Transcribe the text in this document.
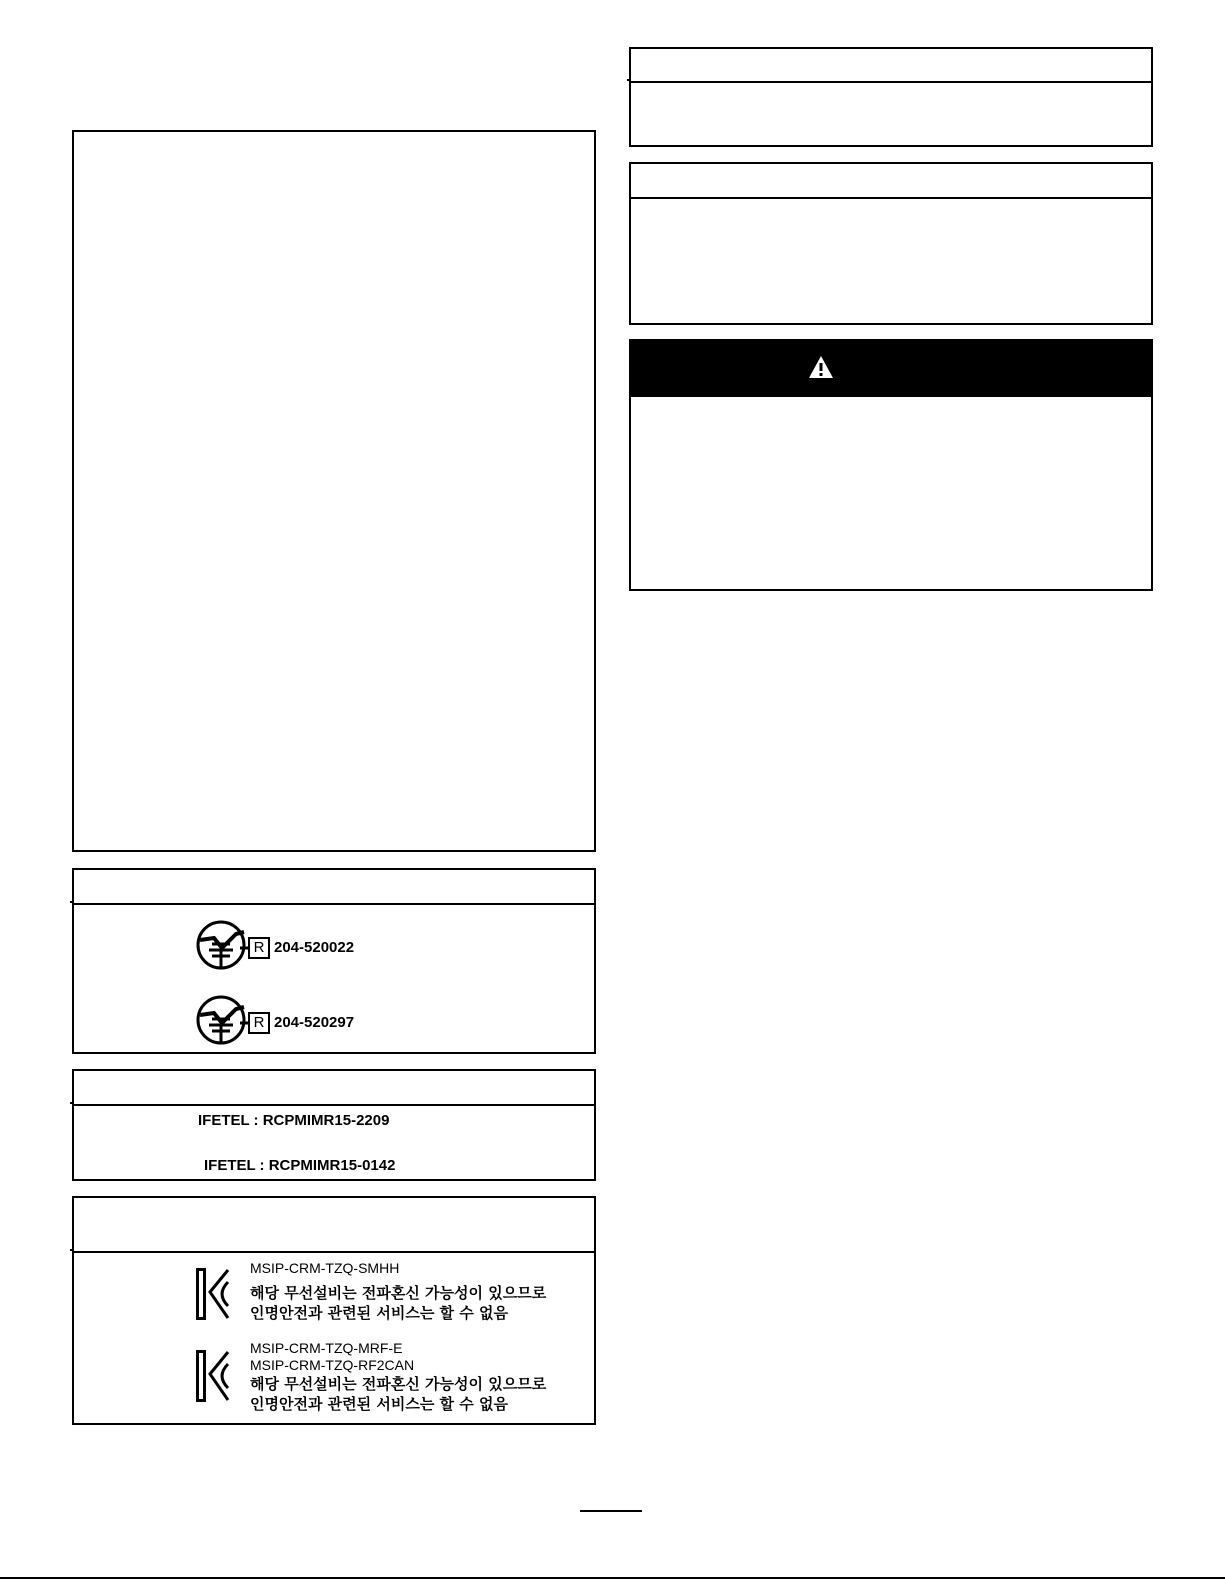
R 204-520022
R 204-520297
IFETEL : RCPMIMR15-2209
IFETEL : RCPMIMR15-0142
MSIP-CRM-TZQ-SMHH
해당 무선설비는 전파혼신 가능성이 있으므로
인명안전과 관련된 서비스는 할 수 없음
MSIP-CRM-TZQ-MRF-E
MSIP-CRM-TZQ-RF2CAN
해당 무선설비는 전파혼신 가능성이 있으므로
인명안전과 관련된 서비스는 할 수 없음
